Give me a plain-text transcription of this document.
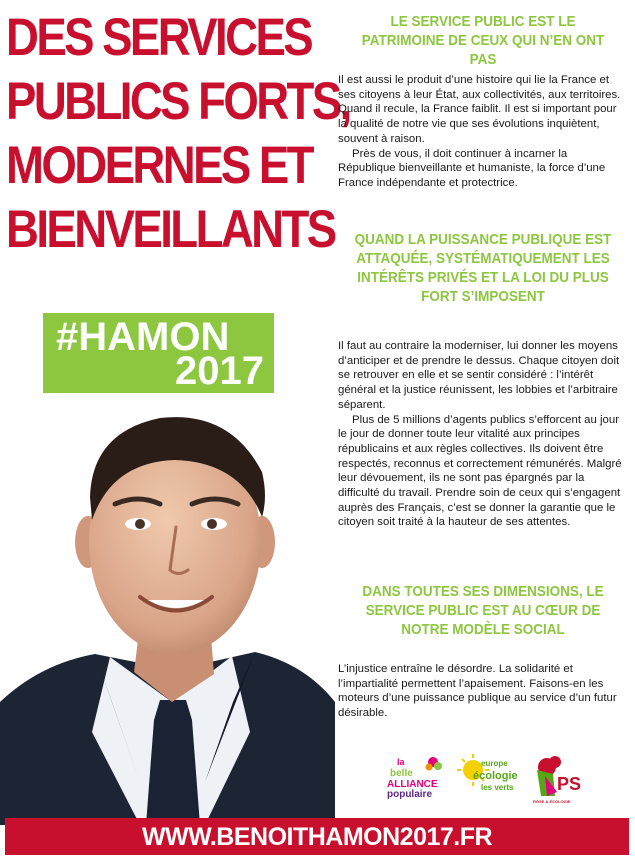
DES SERVICES
PUBLICS FORTS,
MODERNES ET
BIENVEILLANTS
#HAMON
2017
LE SERVICE PUBLIC EST LE PATRIMOINE DE CEUX QUI N’EN ONT PAS

Il est aussi le produit d’une histoire qui lie la France et ses citoyens à leur État, aux collectivités, aux territoires. Quand il recule, la France faiblit. Il est si important pour la qualité de notre vie que ses évolutions inquiètent, souvent à raison.

Près de vous, il doit continuer à incarner la République bienveillante et humaniste, la force d’une France indépendante et protectrice.

QUAND LA PUISSANCE PUBLIQUE EST ATTAQUÉE, SYSTÉMATIQUEMENT LES INTÉRÊTS PRIVÉS ET LA LOI DU PLUS FORT S’IMPOSENT

Il faut au contraire la moderniser, lui donner les moyens d’anticiper et de prendre le dessus. Chaque citoyen doit se retrouver en elle et se sentir considéré : l’intérêt général et la justice réunissent, les lobbies et l’arbitraire séparent.

Plus de 5 millions d’agents publics s’efforcent au jour le jour de donner toute leur vitalité aux principes républicains et aux règles collectives. Ils doivent être respectés, reconnus et correctement rémunérés. Malgré leur dévouement, ils ne sont pas épargnés par la difficulté du travail. Prendre soin de ceux qui s’engagent auprès des Français, c’est se donner la garantie que le citoyen soit traité à la hauteur de ses attentes.

DANS TOUTES SES DIMENSIONS, LE SERVICE PUBLIC EST AU CŒUR DE NOTRE MODÈLE SOCIAL

L’injustice entraîne le désordre. La solidarité et l’impartialité permettent l’apaisement. Faisons-en les moteurs d’une puissance publique au service d’un futur désirable.

la
belle
ALLIANCE
populaire
europe
écologie
les verts PS
ROSE & ÉCOLOGIE
WWW.BENOITHAMON2017.FR
